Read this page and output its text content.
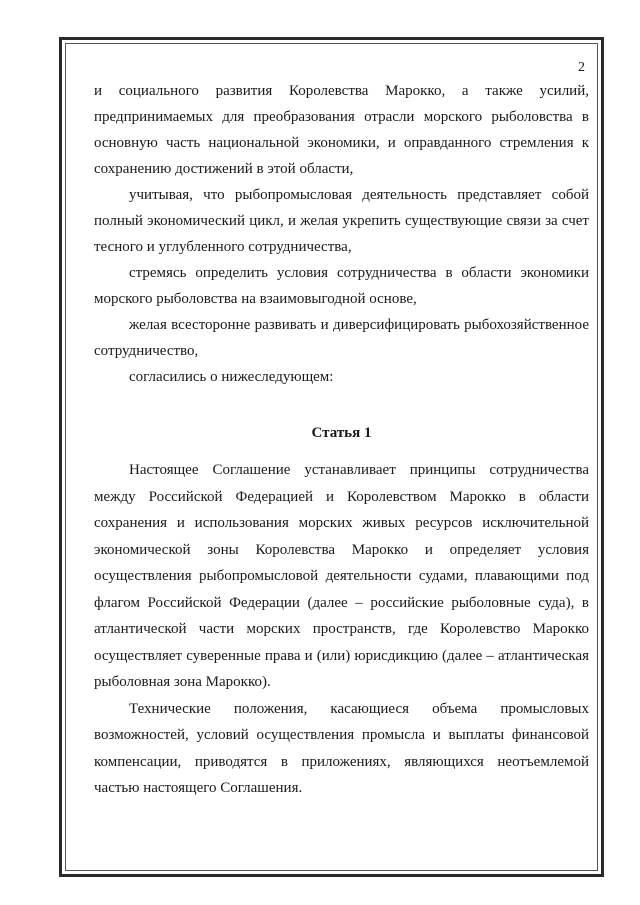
2

и социального развития Королевства Марокко, а также усилий, предпринимаемых для преобразования отрасли морского рыболовства в основную часть национальной экономики, и оправданного стремления к сохранению достижений в этой области,

учитывая, что рыбопромысловая деятельность представляет собой полный экономический цикл, и желая укрепить существующие связи за счет тесного и углубленного сотрудничества,

стремясь определить условия сотрудничества в области экономики морского рыболовства на взаимовыгодной основе,

желая всесторонне развивать и диверсифицировать рыбохозяйственное сотрудничество,

согласились о нижеследующем:

Статья 1

Настоящее Соглашение устанавливает принципы сотрудничества между Российской Федерацией и Королевством Марокко в области сохранения и использования морских живых ресурсов исключительной экономической зоны Королевства Марокко и определяет условия осуществления рыбопромысловой деятельности судами, плавающими под флагом Российской Федерации (далее – российские рыболовные суда), в атлантической части морских пространств, где Королевство Марокко осуществляет суверенные права и (или) юрисдикцию (далее – атлантическая рыболовная зона Марокко).

Технические положения, касающиеся объема промысловых возможностей, условий осуществления промысла и выплаты финансовой компенсации, приводятся в приложениях, являющихся неотъемлемой частью настоящего Соглашения.
